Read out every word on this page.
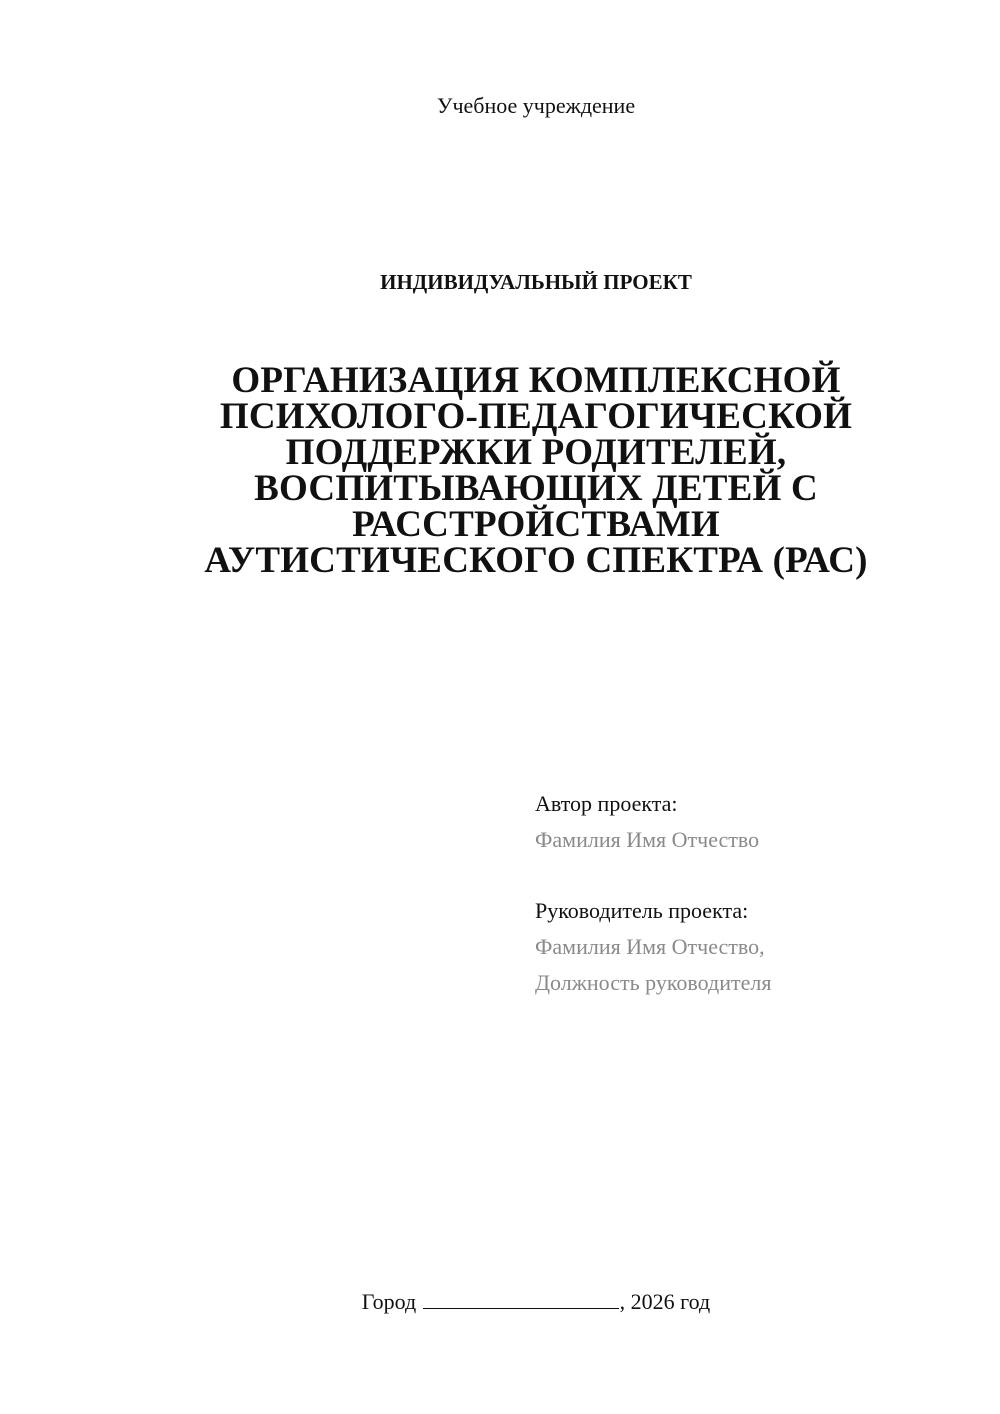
Учебное учреждение
ИНДИВИДУАЛЬНЫЙ ПРОЕКТ
ОРГАНИЗАЦИЯ КОМПЛЕКСНОЙ
ПСИХОЛОГО-ПЕДАГОГИЧЕСКОЙ
ПОДДЕРЖКИ РОДИТЕЛЕЙ,
ВОСПИТЫВАЮЩИХ ДЕТЕЙ С
РАССТРОЙСТВАМИ
АУТИСТИЧЕСКОГО СПЕКТРА (РАС)
Автор проекта:
Фамилия Имя Отчество
Руководитель проекта:
Фамилия Имя Отчество,
Должность руководителя
Город	, 2026 год
